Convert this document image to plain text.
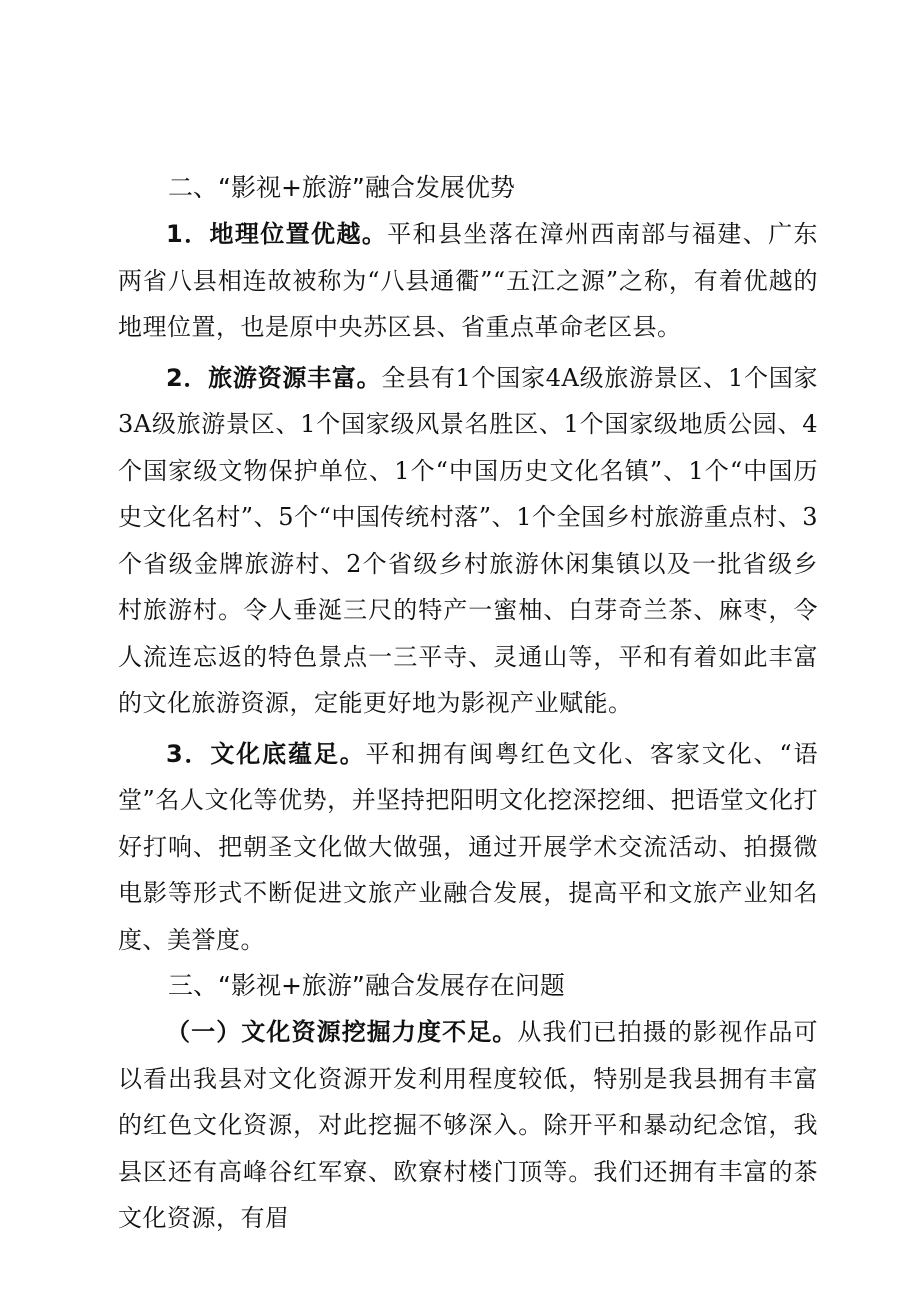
二、“影视+旅游”融合发展优势

1．地理位置优越。平和县坐落在漳州西南部与福建、广东两省八县相连故被称为“八县通衢”“五江之源”之称，有着优越的地理位置，也是原中央苏区县、省重点革命老区县。

2．旅游资源丰富。全县有1个国家4A级旅游景区、1个国家3A级旅游景区、1个国家级风景名胜区、1个国家级地质公园、4个国家级文物保护单位、1个“中国历史文化名镇”、1个“中国历史文化名村”、5个“中国传统村落”、1个全国乡村旅游重点村、3个省级金牌旅游村、2个省级乡村旅游休闲集镇以及一批省级乡村旅游村。令人垂涎三尺的特产一蜜柚、白芽奇兰茶、麻枣，令人流连忘返的特色景点一三平寺、灵通山等，平和有着如此丰富的文化旅游资源，定能更好地为影视产业赋能。

3．文化底蕴足。平和拥有闽粤红色文化、客家文化、“语堂”名人文化等优势，并坚持把阳明文化挖深挖细、把语堂文化打好打响、把朝圣文化做大做强，通过开展学术交流活动、拍摄微电影等形式不断促进文旅产业融合发展，提高平和文旅产业知名度、美誉度。

三、“影视+旅游”融合发展存在问题

（一）文化资源挖掘力度不足。从我们已拍摄的影视作品可以看出我县对文化资源开发利用程度较低，特别是我县拥有丰富的红色文化资源，对此挖掘不够深入。除开平和暴动纪念馆，我县区还有高峰谷红军寮、欧寮村楼门顶等。我们还拥有丰富的茶文化资源，有眉
